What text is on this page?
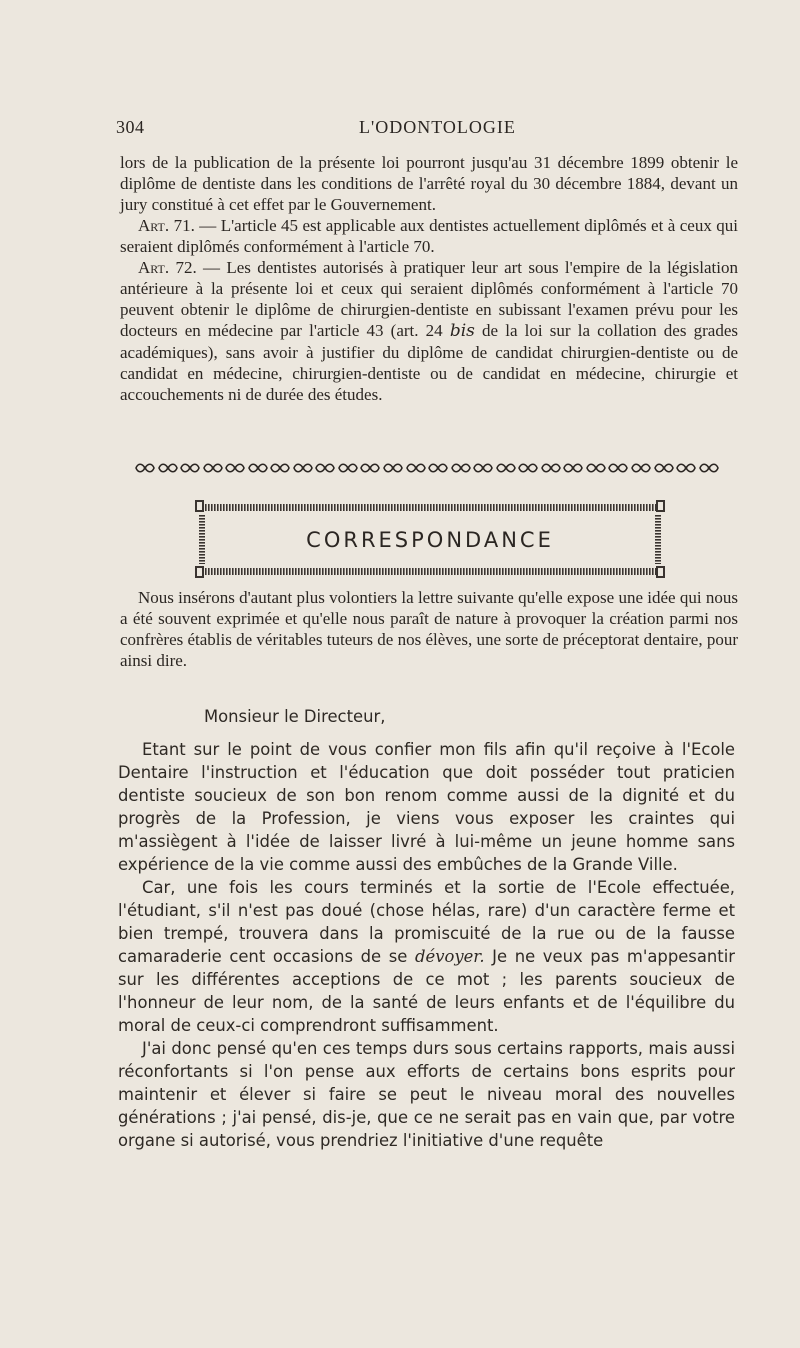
304	L'ODONTOLOGIE

lors de la publication de la présente loi pourront jusqu'au 31 décembre 1899 obtenir le diplôme de dentiste dans les conditions de l'arrêté royal du 30 décembre 1884, devant un jury constitué à cet effet par le Gouvernement.

Art. 71. — L'article 45 est applicable aux dentistes actuellement diplômés et à ceux qui seraient diplômés conformément à l'article 70.

Art. 72. — Les dentistes autorisés à pratiquer leur art sous l'empire de la législation antérieure à la présente loi et ceux qui seraient diplômés conformément à l'article 70 peuvent obtenir le diplôme de chirurgien-dentiste en subissant l'examen prévu pour les docteurs en médecine par l'article 43 (art. 24 bis de la loi sur la collation des grades académiques), sans avoir à justifier du diplôme de candidat chirurgien-dentiste ou de candidat en médecine, chirurgien-dentiste ou de candidat en médecine, chirurgie et accouchements ni de durée des études.

CORRESPONDANCE

Nous insérons d'autant plus volontiers la lettre suivante qu'elle expose une idée qui nous a été souvent exprimée et qu'elle nous paraît de nature à provoquer la création parmi nos confrères établis de véritables tuteurs de nos élèves, une sorte de préceptorat dentaire, pour ainsi dire.

Monsieur le Directeur,

Etant sur le point de vous confier mon fils afin qu'il reçoive à l'Ecole Dentaire l'instruction et l'éducation que doit posséder tout praticien dentiste soucieux de son bon renom comme aussi de la dignité et du progrès de la Profession, je viens vous exposer les craintes qui m'assiègent à l'idée de laisser livré à lui-même un jeune homme sans expérience de la vie comme aussi des embûches de la Grande Ville.

Car, une fois les cours terminés et la sortie de l'Ecole effectuée, l'étudiant, s'il n'est pas doué (chose hélas, rare) d'un caractère ferme et bien trempé, trouvera dans la promiscuité de la rue ou de la fausse camaraderie cent occasions de se dévoyer. Je ne veux pas m'appesantir sur les différentes acceptions de ce mot ; les parents soucieux de l'honneur de leur nom, de la santé de leurs enfants et de l'équilibre du moral de ceux-ci comprendront suffisamment.

J'ai donc pensé qu'en ces temps durs sous certains rapports, mais aussi réconfortants si l'on pense aux efforts de certains bons esprits pour maintenir et élever si faire se peut le niveau moral des nouvelles générations ; j'ai pensé, dis-je, que ce ne serait pas en vain que, par votre organe si autorisé, vous prendriez l'initiative d'une requête
